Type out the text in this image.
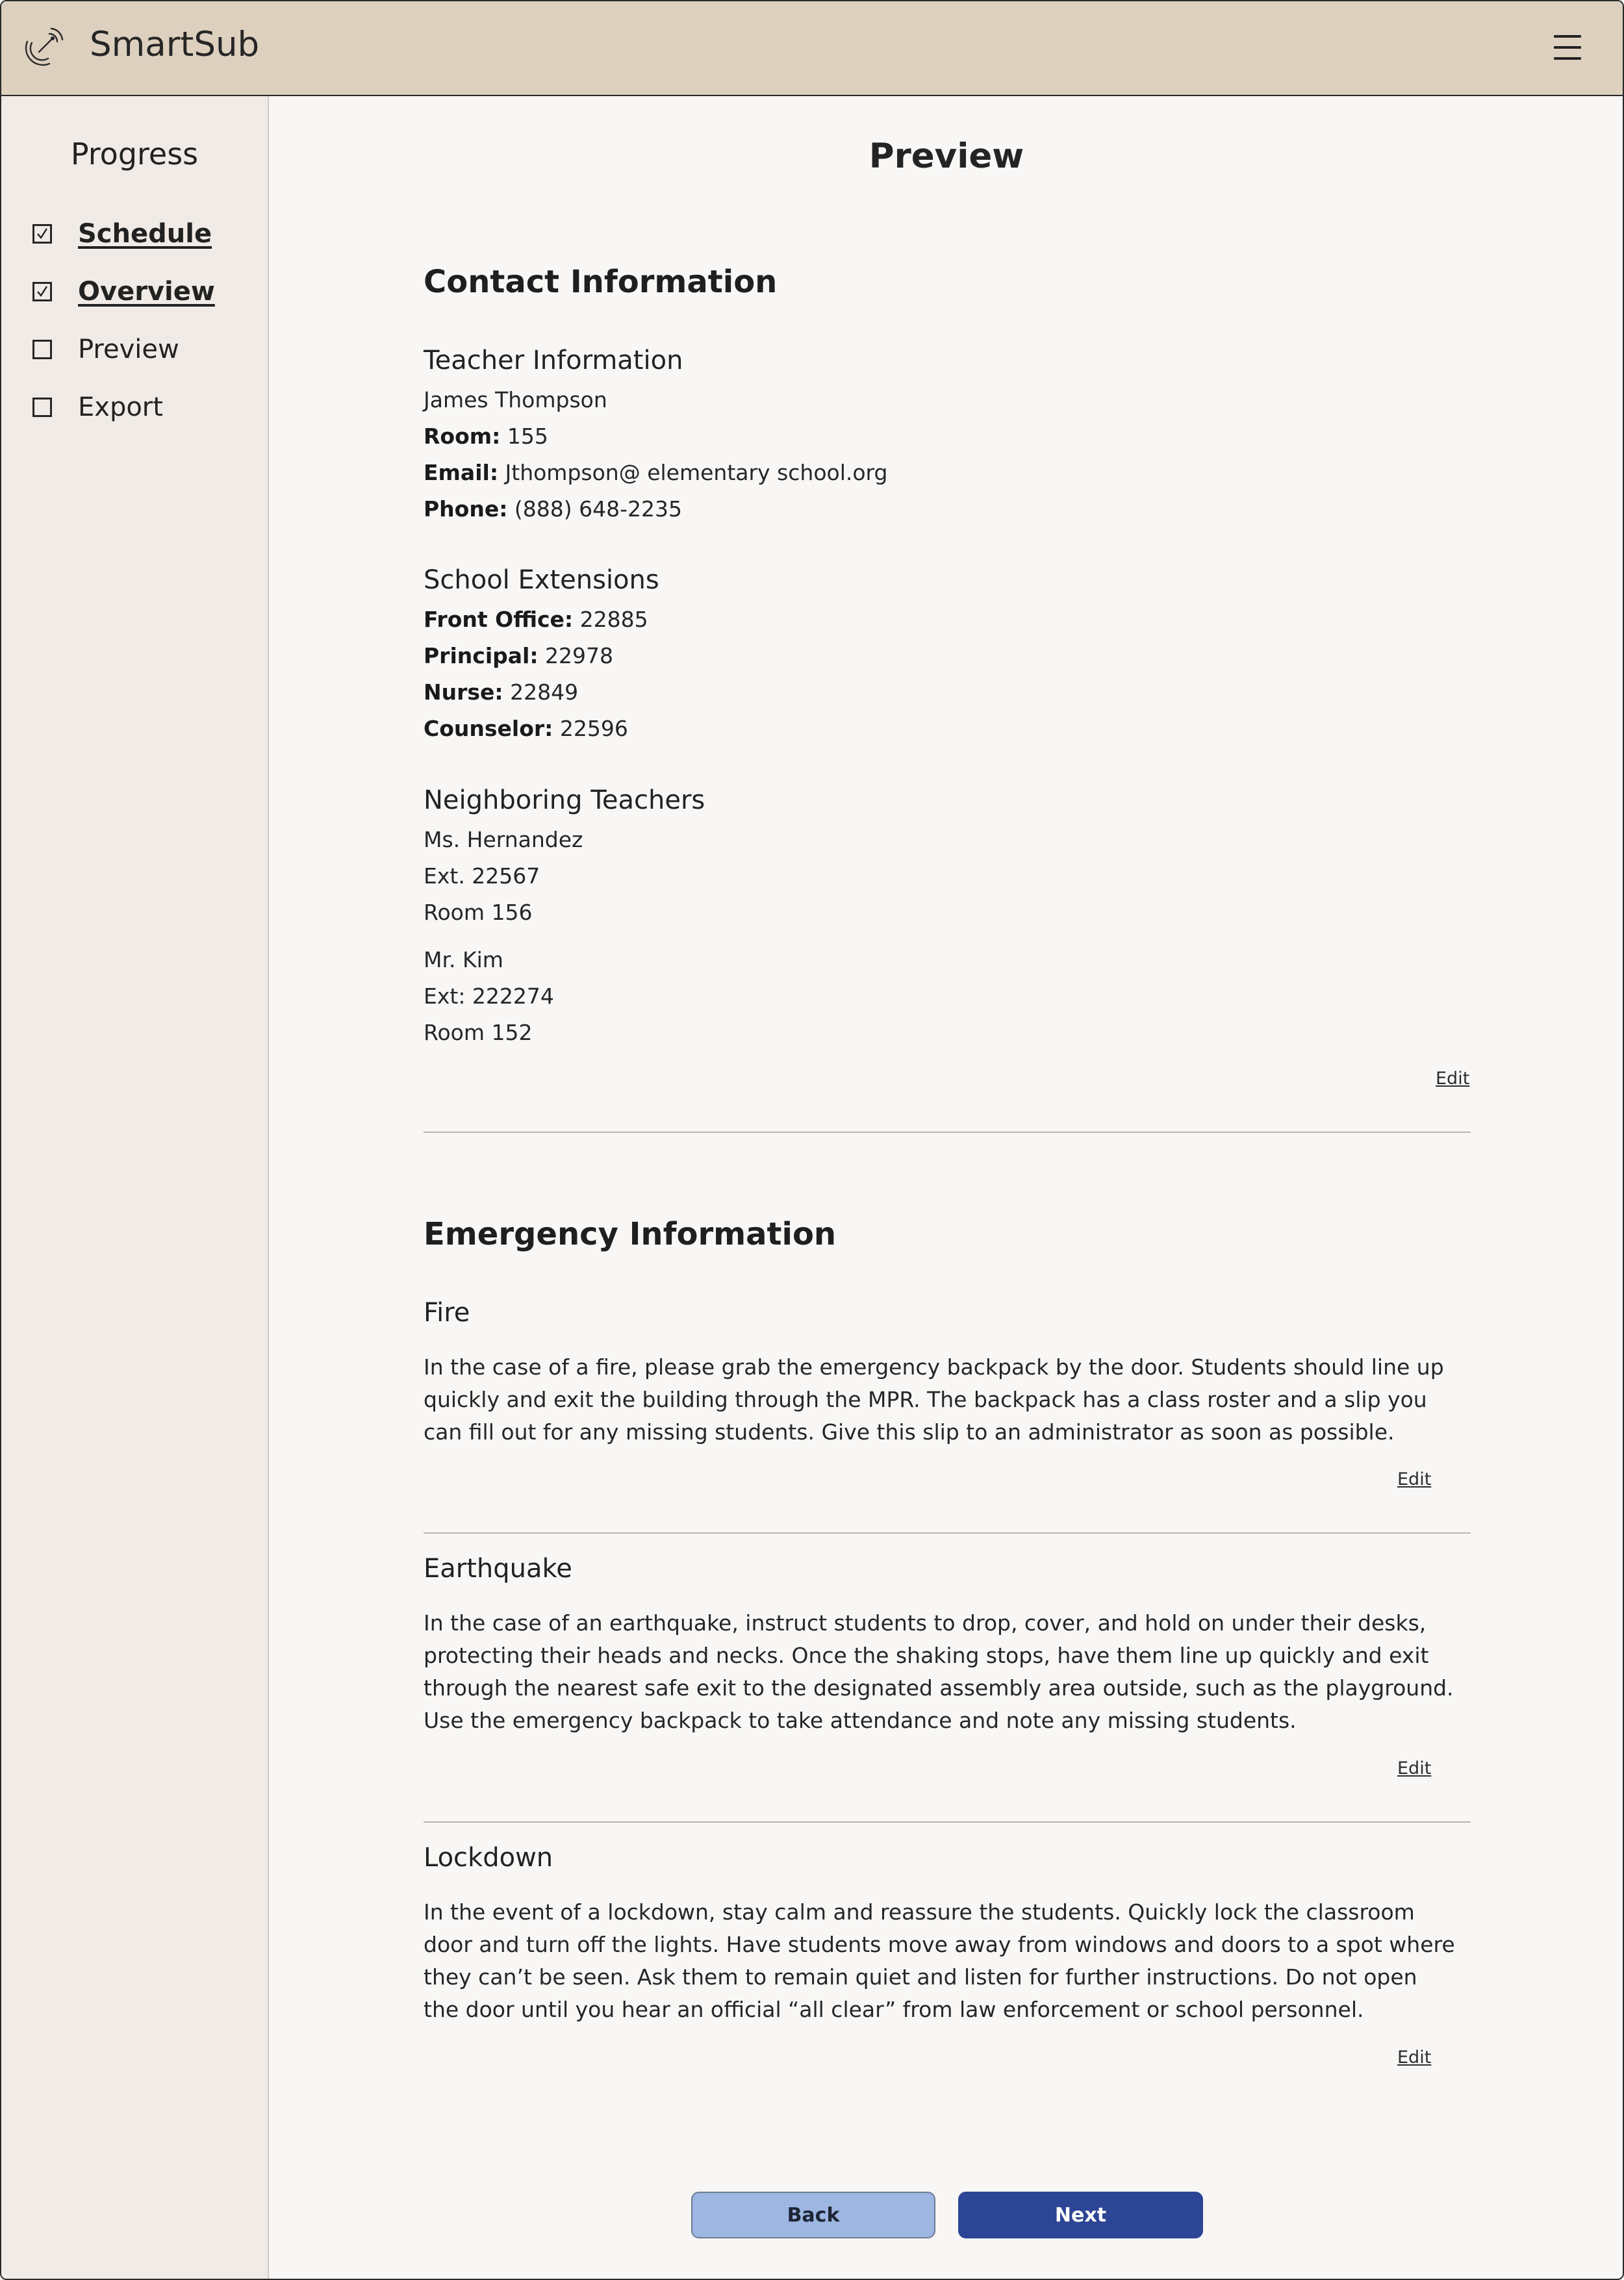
SmartSub
Progress
Schedule
Overview
Preview
Export
Preview
Contact Information
Teacher Information
James Thompson
Room: 155
Email: Jthompson@ elementary school.org
Phone: (888) 648-2235
School Extensions
Front Office: 22885
Principal: 22978
Nurse: 22849
Counselor: 22596
Neighboring Teachers
Ms. Hernandez
Ext. 22567
Room 156
Mr. Kim
Ext: 222274
Room 152
Edit
Emergency Information
Fire
In the case of a fire, please grab the emergency backpack by the door. Students should line up quickly and exit the building through the MPR. The backpack has a class roster and a slip you can fill out for any missing students. Give this slip to an administrator as soon as possible.
Edit
Earthquake
In the case of an earthquake, instruct students to drop, cover, and hold on under their desks, protecting their heads and necks. Once the shaking stops, have them line up quickly and exit through the nearest safe exit to the designated assembly area outside, such as the playground. Use the emergency backpack to take attendance and note any missing students.
Edit
Lockdown
In the event of a lockdown, stay calm and reassure the students. Quickly lock the classroom door and turn off the lights. Have students move away from windows and doors to a spot where they can’t be seen. Ask them to remain quiet and listen for further instructions. Do not open the door until you hear an official “all clear” from law enforcement or school personnel.
Edit
Back	Next
